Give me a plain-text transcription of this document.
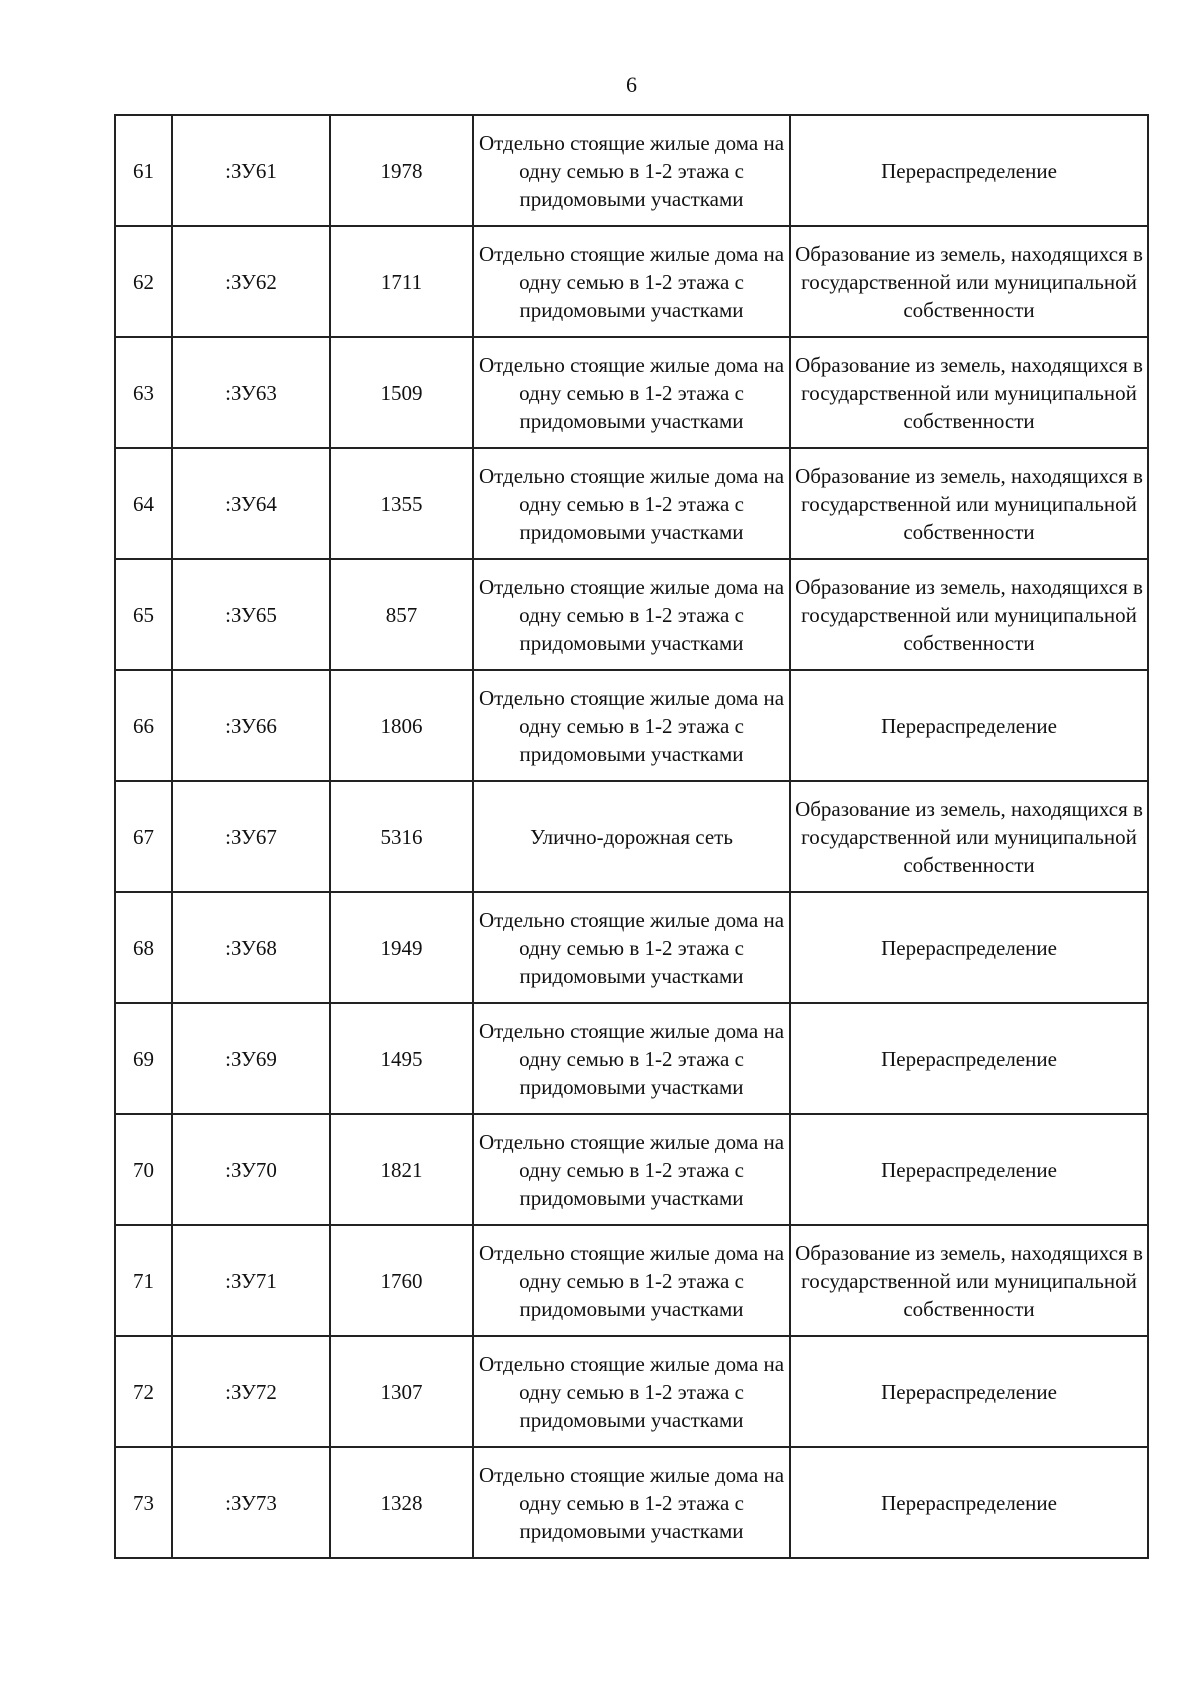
6
61	:ЗУ61	1978	Отдельно стоящие жилые дома на одну семью в 1-2 этажа с придомовыми участками	Перераспределение
62	:ЗУ62	1711	Отдельно стоящие жилые дома на одну семью в 1-2 этажа с придомовыми участками	Образование из земель, находящихся в государственной или муниципальной собственности
63	:ЗУ63	1509	Отдельно стоящие жилые дома на одну семью в 1-2 этажа с придомовыми участками	Образование из земель, находящихся в государственной или муниципальной собственности
64	:ЗУ64	1355	Отдельно стоящие жилые дома на одну семью в 1-2 этажа с придомовыми участками	Образование из земель, находящихся в государственной или муниципальной собственности
65	:ЗУ65	857	Отдельно стоящие жилые дома на одну семью в 1-2 этажа с придомовыми участками	Образование из земель, находящихся в государственной или муниципальной собственности
66	:ЗУ66	1806	Отдельно стоящие жилые дома на одну семью в 1-2 этажа с придомовыми участками	Перераспределение
67	:ЗУ67	5316	Улично-дорожная сеть	Образование из земель, находящихся в государственной или муниципальной собственности
68	:ЗУ68	1949	Отдельно стоящие жилые дома на одну семью в 1-2 этажа с придомовыми участками	Перераспределение
69	:ЗУ69	1495	Отдельно стоящие жилые дома на одну семью в 1-2 этажа с придомовыми участками	Перераспределение
70	:ЗУ70	1821	Отдельно стоящие жилые дома на одну семью в 1-2 этажа с придомовыми участками	Перераспределение
71	:ЗУ71	1760	Отдельно стоящие жилые дома на одну семью в 1-2 этажа с придомовыми участками	Образование из земель, находящихся в государственной или муниципальной собственности
72	:ЗУ72	1307	Отдельно стоящие жилые дома на одну семью в 1-2 этажа с придомовыми участками	Перераспределение
73	:ЗУ73	1328	Отдельно стоящие жилые дома на одну семью в 1-2 этажа с придомовыми участками	Перераспределение
